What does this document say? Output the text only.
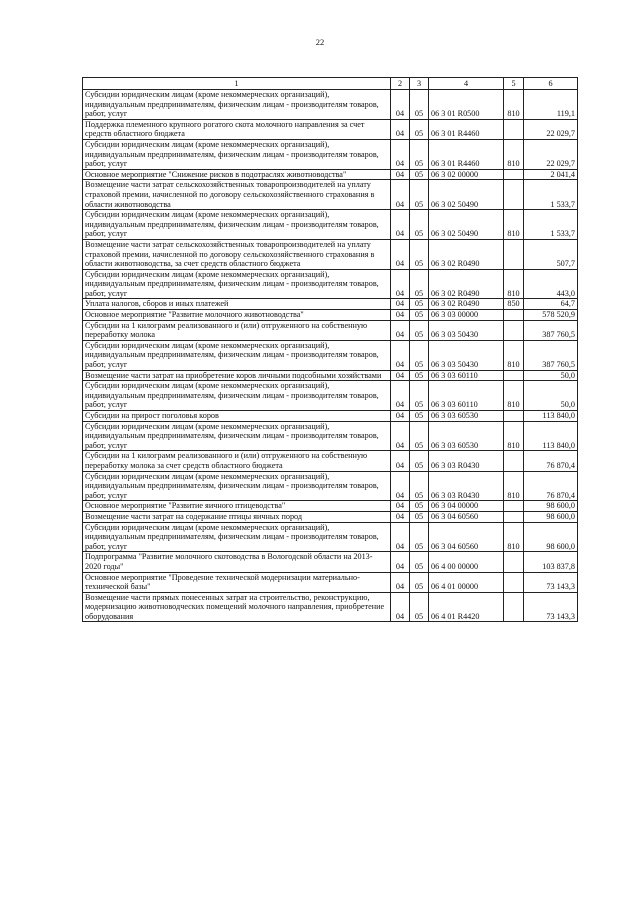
22
1	2	3	4	5	6
Субсидии юридическим лицам (кроме некоммерческих организаций), индивидуальным предпринимателям, физическим лицам - производителям товаров, работ, услуг	04	05	06 3 01 R0500	810	119,1
Поддержка племенного крупного рогатого скота молочного направления за счет средств областного бюджета	04	05	06 3 01 R4460		22 029,7
Субсидии юридическим лицам (кроме некоммерческих организаций), индивидуальным предпринимателям, физическим лицам - производителям товаров, работ, услуг	04	05	06 3 01 R4460	810	22 029,7
Основное мероприятие "Снижение рисков в подотраслях животноводства"	04	05	06 3 02 00000		2 041,4
Возмещение части затрат сельскохозяйственных товаропроизводителей на уплату страховой премии, начисленной по договору сельскохозяйственного страхования в области животноводства	04	05	06 3 02 50490		1 533,7
Субсидии юридическим лицам (кроме некоммерческих организаций), индивидуальным предпринимателям, физическим лицам - производителям товаров, работ, услуг	04	05	06 3 02 50490	810	1 533,7
Возмещение части затрат сельскохозяйственных товаропроизводителей на уплату страховой премии, начисленной по договору сельскохозяйственного страхования в области животноводства, за счет средств областного бюджета	04	05	06 3 02 R0490		507,7
Субсидии юридическим лицам (кроме некоммерческих организаций), индивидуальным предпринимателям, физическим лицам - производителям товаров, работ, услуг	04	05	06 3 02 R0490	810	443,0
Уплата налогов, сборов и иных платежей	04	05	06 3 02 R0490	850	64,7
Основное мероприятие "Развитие молочного животноводства"	04	05	06 3 03 00000		578 520,9
Субсидии на 1 килограмм реализованного и (или) отгруженного на собственную переработку молока	04	05	06 3 03 50430		387 760,5
Субсидии юридическим лицам (кроме некоммерческих организаций), индивидуальным предпринимателям, физическим лицам - производителям товаров, работ, услуг	04	05	06 3 03 50430	810	387 760,5
Возмещение части затрат на приобретение коров личными подсобными хозяйствами	04	05	06 3 03 60110		50,0
Субсидии юридическим лицам (кроме некоммерческих организаций), индивидуальным предпринимателям, физическим лицам - производителям товаров, работ, услуг	04	05	06 3 03 60110	810	50,0
Субсидии на прирост поголовья коров	04	05	06 3 03 60530		113 840,0
Субсидии юридическим лицам (кроме некоммерческих организаций), индивидуальным предпринимателям, физическим лицам - производителям товаров, работ, услуг	04	05	06 3 03 60530	810	113 840,0
Субсидии на 1 килограмм реализованного и (или) отгруженного на собственную переработку молока за счет средств областного бюджета	04	05	06 3 03 R0430		76 870,4
Субсидии юридическим лицам (кроме некоммерческих организаций), индивидуальным предпринимателям, физическим лицам - производителям товаров, работ, услуг	04	05	06 3 03 R0430	810	76 870,4
Основное мероприятие "Развитие яичного птицеводства"	04	05	06 3 04 00000		98 600,0
Возмещение части затрат на содержание птицы яичных пород	04	05	06 3 04 60560		98 600,0
Субсидии юридическим лицам (кроме некоммерческих организаций), индивидуальным предпринимателям, физическим лицам - производителям товаров, работ, услуг	04	05	06 3 04 60560	810	98 600,0
Подпрограмма "Развитие молочного скотоводства в Вологодской области на 2013-2020 годы"	04	05	06 4 00 00000		103 837,8
Основное мероприятие "Проведение технической модернизации материально-технической базы"	04	05	06 4 01 00000		73 143,3
Возмещение части прямых понесенных затрат на строительство, реконструкцию, модернизацию животноводческих помещений молочного направления, приобретение оборудования	04	05	06 4 01 R4420		73 143,3
